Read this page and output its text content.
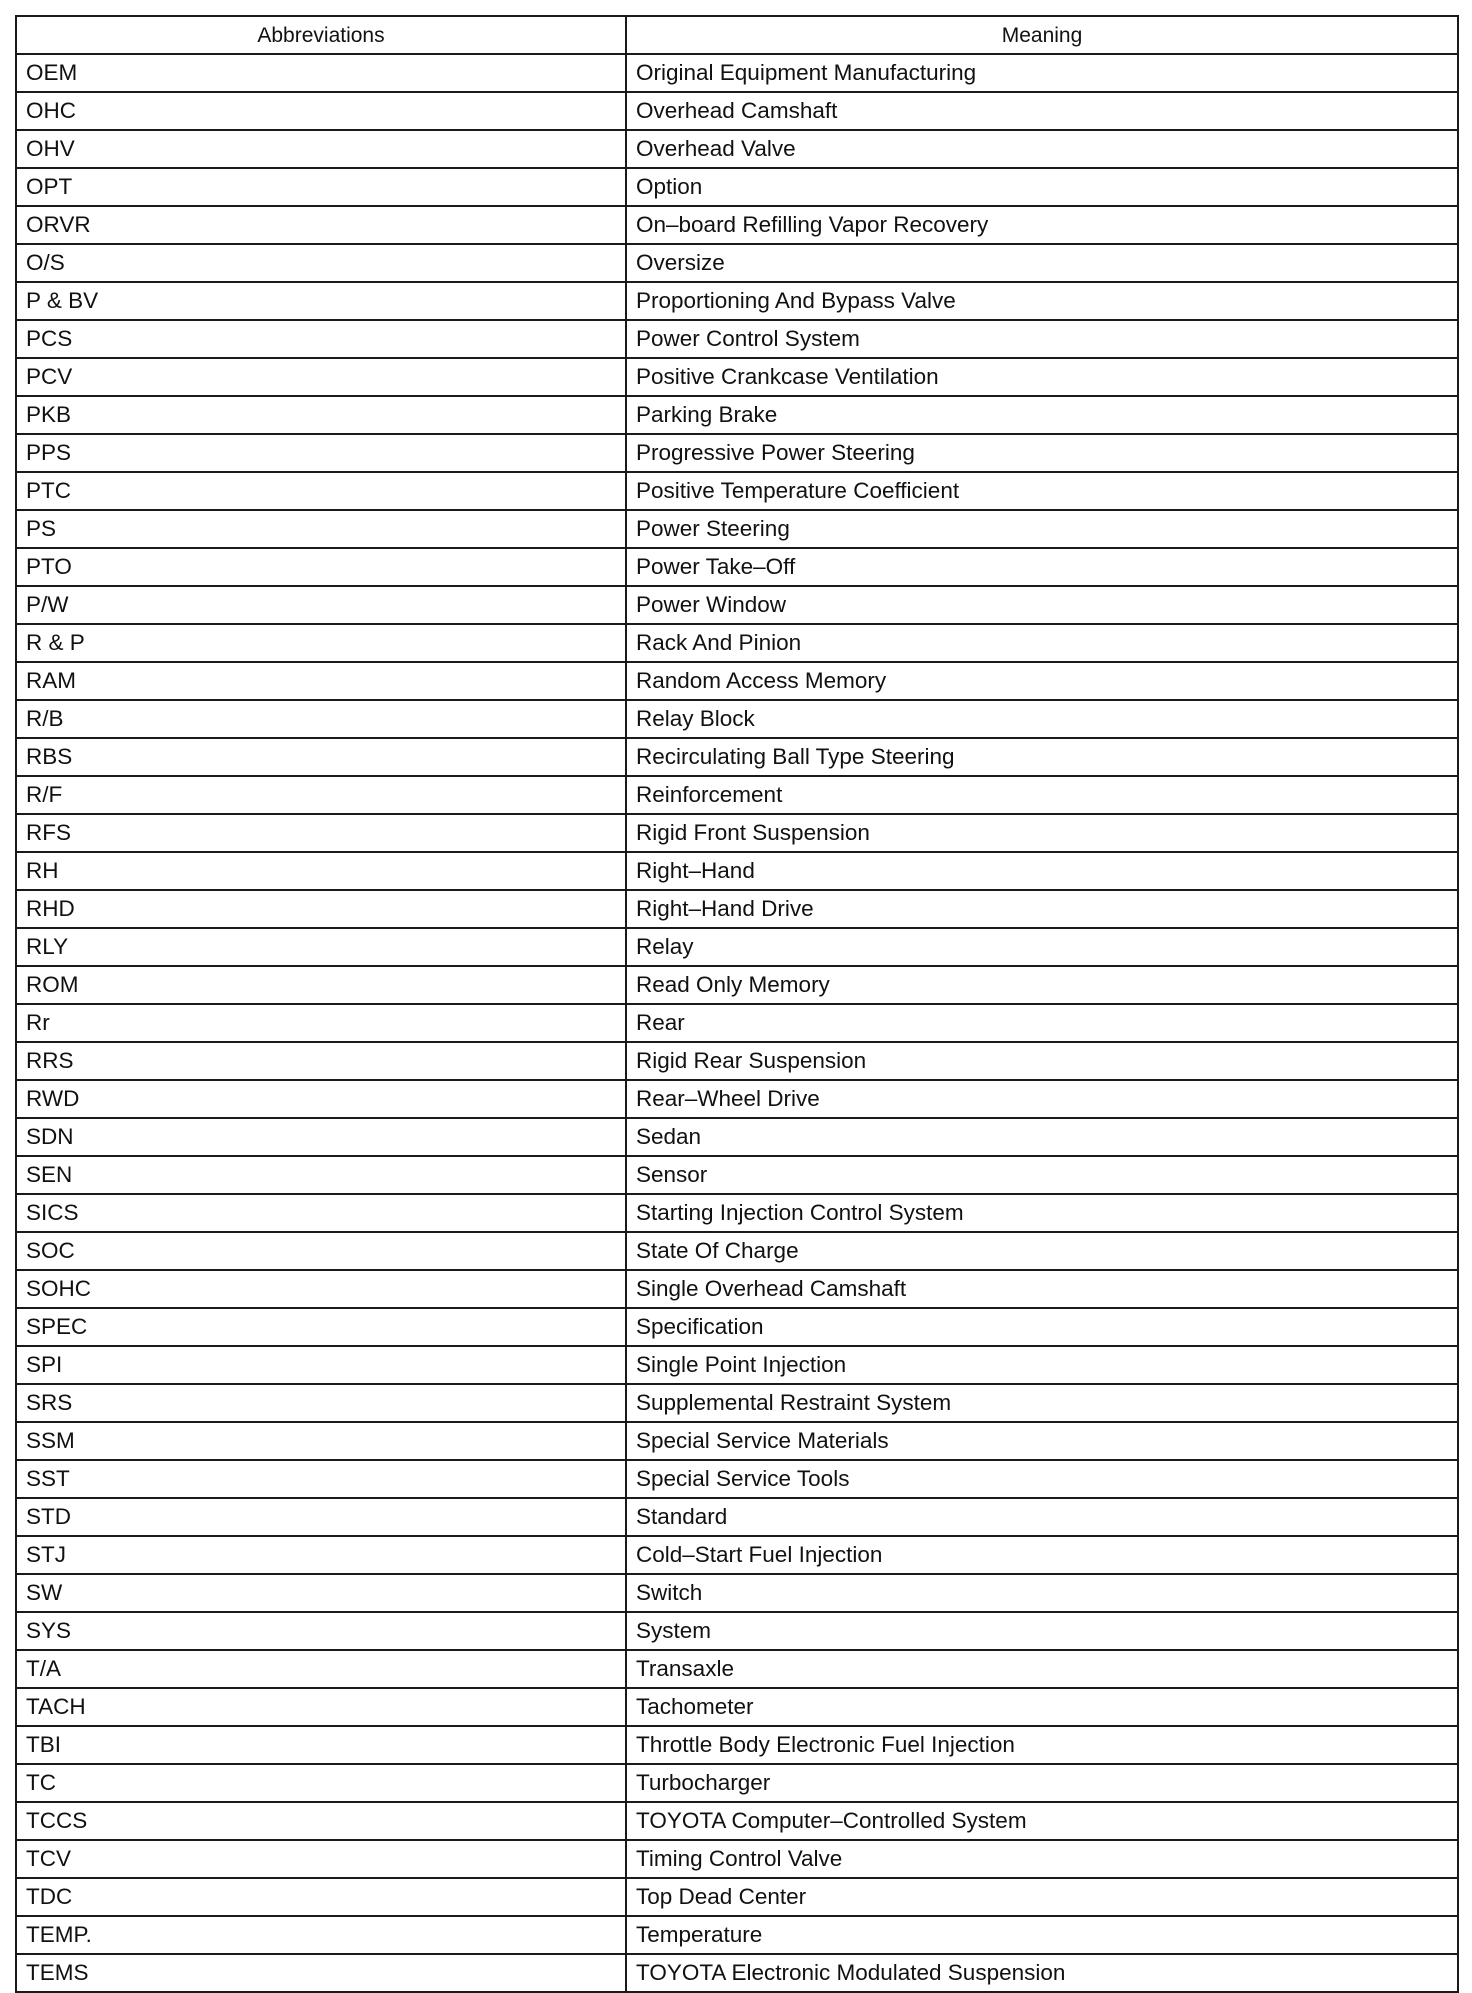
Abbreviations	Meaning
OEM	Original Equipment Manufacturing
OHC	Overhead Camshaft
OHV	Overhead Valve
OPT	Option
ORVR	On–board Refilling Vapor Recovery
O/S	Oversize
P & BV	Proportioning And Bypass Valve
PCS	Power Control System
PCV	Positive Crankcase Ventilation
PKB	Parking Brake
PPS	Progressive Power Steering
PTC	Positive Temperature Coefficient
PS	Power Steering
PTO	Power Take–Off
P/W	Power Window
R & P	Rack And Pinion
RAM	Random Access Memory
R/B	Relay Block
RBS	Recirculating Ball Type Steering
R/F	Reinforcement
RFS	Rigid Front Suspension
RH	Right–Hand
RHD	Right–Hand Drive
RLY	Relay
ROM	Read Only Memory
Rr	Rear
RRS	Rigid Rear Suspension
RWD	Rear–Wheel Drive
SDN	Sedan
SEN	Sensor
SICS	Starting Injection Control System
SOC	State Of Charge
SOHC	Single Overhead Camshaft
SPEC	Specification
SPI	Single Point Injection
SRS	Supplemental Restraint System
SSM	Special Service Materials
SST	Special Service Tools
STD	Standard
STJ	Cold–Start Fuel Injection
SW	Switch
SYS	System
T/A	Transaxle
TACH	Tachometer
TBI	Throttle Body Electronic Fuel Injection
TC	Turbocharger
TCCS	TOYOTA Computer–Controlled System
TCV	Timing Control Valve
TDC	Top Dead Center
TEMP.	Temperature
TEMS	TOYOTA Electronic Modulated Suspension
